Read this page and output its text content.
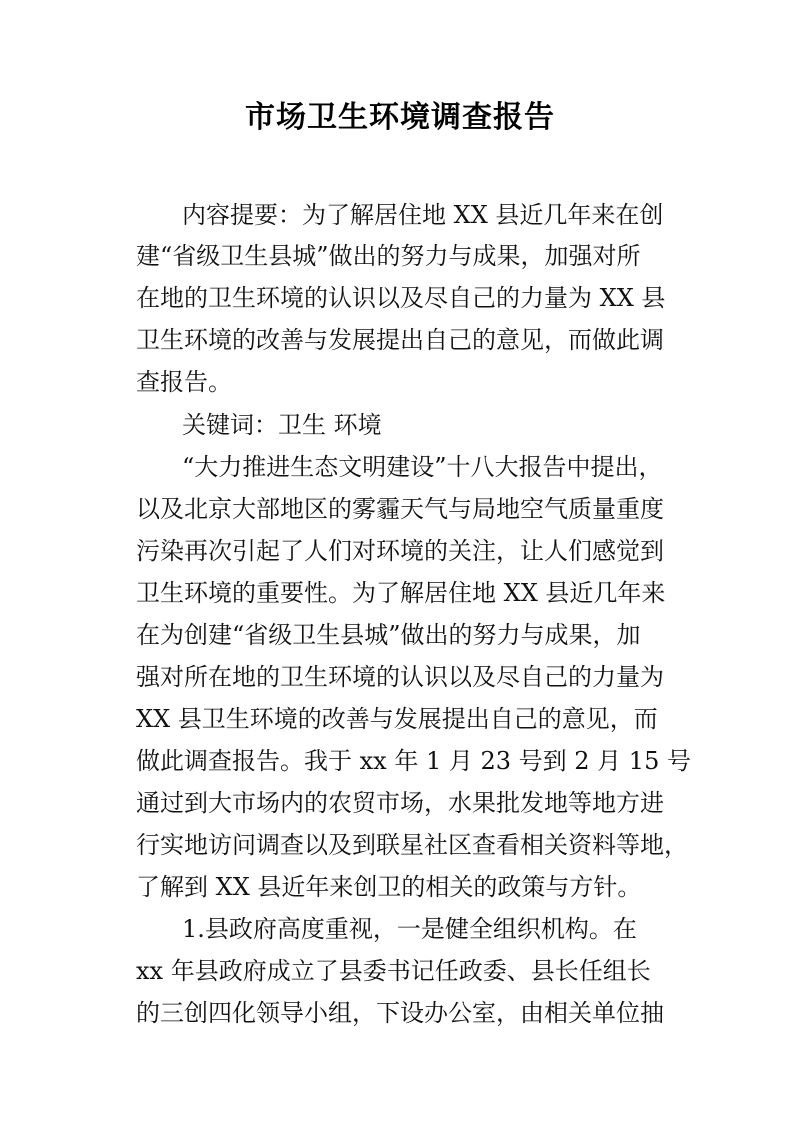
市场卫生环境调查报告
内容提要：为了解居住地 XX 县近几年来在创
建“省级卫生县城”做出的努力与成果，加强对所
在地的卫生环境的认识以及尽自己的力量为 XX 县
卫生环境的改善与发展提出自己的意见，而做此调
查报告。
关键词：卫生 环境
“大力推进生态文明建设”十八大报告中提出，
以及北京大部地区的雾霾天气与局地空气质量重度
污染再次引起了人们对环境的关注，让人们感觉到
卫生环境的重要性。为了解居住地 XX 县近几年来
在为创建“省级卫生县城”做出的努力与成果，加
强对所在地的卫生环境的认识以及尽自己的力量为
XX 县卫生环境的改善与发展提出自己的意见，而
做此调查报告。我于 xx 年 1 月 23 号到 2 月 15 号
通过到大市场内的农贸市场，水果批发地等地方进
行实地访问调查以及到联星社区查看相关资料等地，
了解到 XX 县近年来创卫的相关的政策与方针。
1.县政府高度重视，一是健全组织机构。在
xx 年县政府成立了县委书记任政委、县长任组长
的三创四化领导小组，下设办公室，由相关单位抽
